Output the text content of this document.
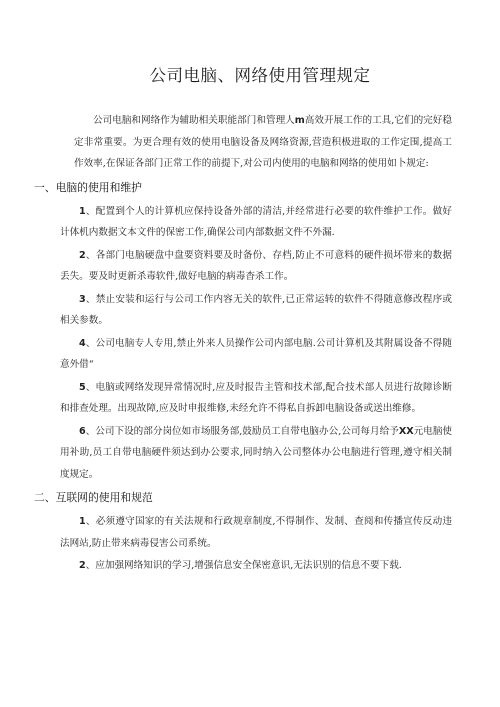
公司电脑、网络使用管理规定

公司电脑和网络作为辅助相关职能部门和管理人m高效开展工作的工具,它们的完好稳定非常重要。为更合理有效的使用电脑设备及网络资源,营造积极进取的工作定围,提高工作效率,在保证各部门正常工作的前提下,对公司内使用的电脑和网络的使用如卜规定:

一、电脑的使用和维护

1、配置到个人的计算机应保持设备外部的清洁,并经常进行必要的软件维护工作。做好计体机内数据文本文件的保密工作,确保公司内部数据文件不外漏.

2、各部门电脑硬盘中盘要资料要及时备份、存档,防止不可意料的硬件损坏带来的数据丢失。要及时更新杀毒软件,做好电脑的病毒杳杀工作。

3、禁止安装和运行与公司工作内容无关的软件,已正常运转的软件不得随意修改程序或相关参数。

4、公司电脑专人专用,禁止外来人员操作公司内部电脑.公司计算机及其附属设备不得随意外借“

5、电脑或网络发现异常情况时,应及时报告主管和技术部,配合技术部人员进行故障诊断和排查处理。出现故障,应及时申报维修,未经允许不得私自拆卸电脑设备或送出维修。

6、公司下设的部分岗位如市场服务部,鼓励员工自带电脑办公,公司每月给予XX元电脑使用补助,员工自带电脑硬件须达到办公要求,同时纳入公司整体办公电脑进行管理,遵守相关制度规定。

二、互联网的使用和规范

1、必须遵守国家的有关法规和行政规章制度,不得制作、发制、查阅和传播宣传反动违法网站,防止带来病毒侵害公司系统。

2、应加强网络知识的学习,增强信息安全保密意识,无法识别的信息不要下载.
